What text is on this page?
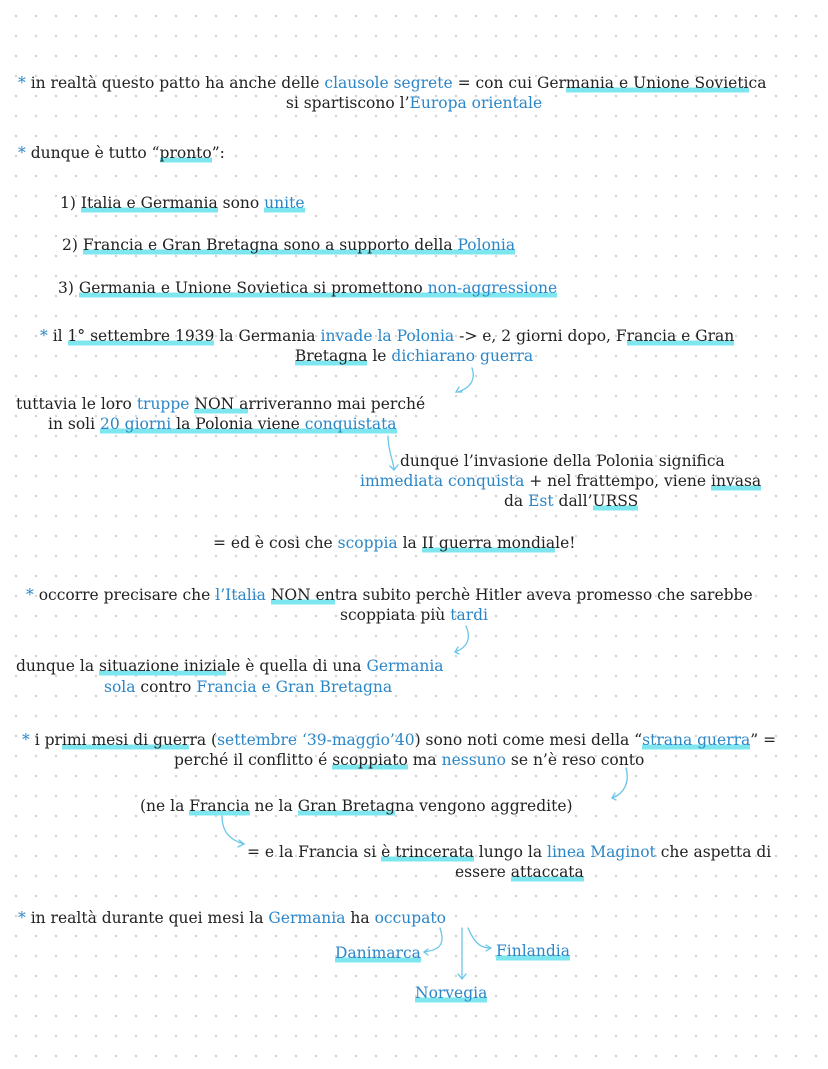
* in realtà questo patto ha anche delle clausole segrete = con cui Germania e Unione Sovietica
si spartiscono l’Europa orientale
* dunque è tutto “pronto”:
1) Italia e Germania sono unite
2) Francia e Gran Bretagna sono a supporto della Polonia
3) Germania e Unione Sovietica si promettono non-aggressione
* il 1° settembre 1939 la Germania invade la Polonia -> e, 2 giorni dopo, Francia e Gran
Bretagna le dichiarano guerra
tuttavia le loro truppe NON arriveranno mai perché
in soli 20 giorni la Polonia viene conquistata
dunque l’invasione della Polonia significa
immediata conquista + nel frattempo, viene invasa
da Est dall’URSS
= ed è cosi che scoppia la II guerra mondiale!
* occorre precisare che l’Italia NON entra subito perchè Hitler aveva promesso che sarebbe
scoppiata più tardi
dunque la situazione iniziale è quella di una Germania
sola contro Francia e Gran Bretagna
* i primi mesi di guerra (settembre ‘39-maggio’40) sono noti come mesi della “strana guerra” =
perché il conflitto é scoppiato ma nessuno se n’è reso conto
(ne la Francia ne la Gran Bretagna vengono aggredite)
= e la Francia si è trincerata lungo la linea Maginot che aspetta di
essere attaccata
* in realtà durante quei mesi la Germania ha occupato
Danimarca	Finlandia
Norvegia
